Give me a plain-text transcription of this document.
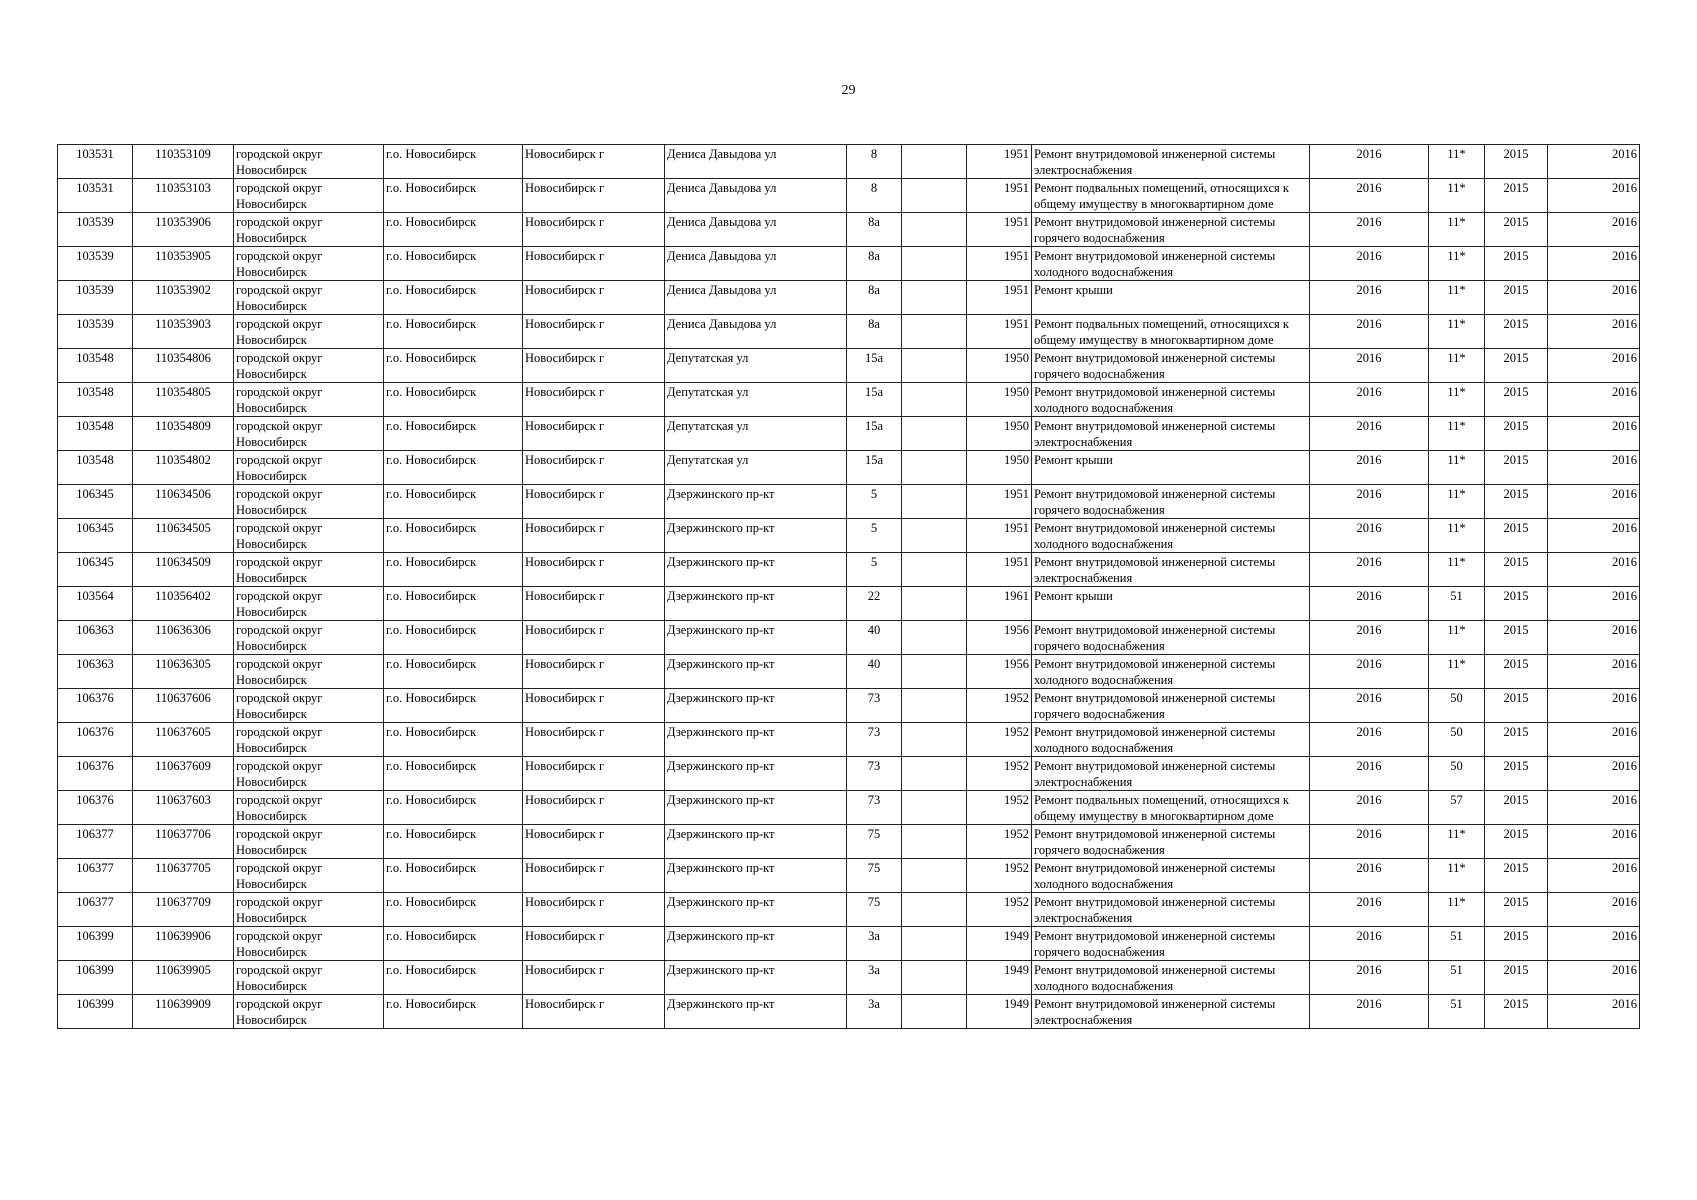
29
103531	110353109	городской округ Новосибирск	г.о. Новосибирск	Новосибирск г	Дениса Давыдова ул	8		1951	Ремонт внутридомовой инженерной системы электроснабжения	2016	11*	2015	2016
103531	110353103	городской округ Новосибирск	г.о. Новосибирск	Новосибирск г	Дениса Давыдова ул	8		1951	Ремонт подвальных помещений, относящихся к общему имуществу в многоквартирном доме	2016	11*	2015	2016
103539	110353906	городской округ Новосибирск	г.о. Новосибирск	Новосибирск г	Дениса Давыдова ул	8а		1951	Ремонт внутридомовой инженерной системы горячего водоснабжения	2016	11*	2015	2016
103539	110353905	городской округ Новосибирск	г.о. Новосибирск	Новосибирск г	Дениса Давыдова ул	8а		1951	Ремонт внутридомовой инженерной системы холодного водоснабжения	2016	11*	2015	2016
103539	110353902	городской округ Новосибирск	г.о. Новосибирск	Новосибирск г	Дениса Давыдова ул	8а		1951	Ремонт крыши	2016	11*	2015	2016
103539	110353903	городской округ Новосибирск	г.о. Новосибирск	Новосибирск г	Дениса Давыдова ул	8а		1951	Ремонт подвальных помещений, относящихся к общему имуществу в многоквартирном доме	2016	11*	2015	2016
103548	110354806	городской округ Новосибирск	г.о. Новосибирск	Новосибирск г	Депутатская ул	15а		1950	Ремонт внутридомовой инженерной системы горячего водоснабжения	2016	11*	2015	2016
103548	110354805	городской округ Новосибирск	г.о. Новосибирск	Новосибирск г	Депутатская ул	15а		1950	Ремонт внутридомовой инженерной системы холодного водоснабжения	2016	11*	2015	2016
103548	110354809	городской округ Новосибирск	г.о. Новосибирск	Новосибирск г	Депутатская ул	15а		1950	Ремонт внутридомовой инженерной системы электроснабжения	2016	11*	2015	2016
103548	110354802	городской округ Новосибирск	г.о. Новосибирск	Новосибирск г	Депутатская ул	15а		1950	Ремонт крыши	2016	11*	2015	2016
106345	110634506	городской округ Новосибирск	г.о. Новосибирск	Новосибирск г	Дзержинского пр-кт	5		1951	Ремонт внутридомовой инженерной системы горячего водоснабжения	2016	11*	2015	2016
106345	110634505	городской округ Новосибирск	г.о. Новосибирск	Новосибирск г	Дзержинского пр-кт	5		1951	Ремонт внутридомовой инженерной системы холодного водоснабжения	2016	11*	2015	2016
106345	110634509	городской округ Новосибирск	г.о. Новосибирск	Новосибирск г	Дзержинского пр-кт	5		1951	Ремонт внутридомовой инженерной системы электроснабжения	2016	11*	2015	2016
103564	110356402	городской округ Новосибирск	г.о. Новосибирск	Новосибирск г	Дзержинского пр-кт	22		1961	Ремонт крыши	2016	51	2015	2016
106363	110636306	городской округ Новосибирск	г.о. Новосибирск	Новосибирск г	Дзержинского пр-кт	40		1956	Ремонт внутридомовой инженерной системы горячего водоснабжения	2016	11*	2015	2016
106363	110636305	городской округ Новосибирск	г.о. Новосибирск	Новосибирск г	Дзержинского пр-кт	40		1956	Ремонт внутридомовой инженерной системы холодного водоснабжения	2016	11*	2015	2016
106376	110637606	городской округ Новосибирск	г.о. Новосибирск	Новосибирск г	Дзержинского пр-кт	73		1952	Ремонт внутридомовой инженерной системы горячего водоснабжения	2016	50	2015	2016
106376	110637605	городской округ Новосибирск	г.о. Новосибирск	Новосибирск г	Дзержинского пр-кт	73		1952	Ремонт внутридомовой инженерной системы холодного водоснабжения	2016	50	2015	2016
106376	110637609	городской округ Новосибирск	г.о. Новосибирск	Новосибирск г	Дзержинского пр-кт	73		1952	Ремонт внутридомовой инженерной системы электроснабжения	2016	50	2015	2016
106376	110637603	городской округ Новосибирск	г.о. Новосибирск	Новосибирск г	Дзержинского пр-кт	73		1952	Ремонт подвальных помещений, относящихся к общему имуществу в многоквартирном доме	2016	57	2015	2016
106377	110637706	городской округ Новосибирск	г.о. Новосибирск	Новосибирск г	Дзержинского пр-кт	75		1952	Ремонт внутридомовой инженерной системы горячего водоснабжения	2016	11*	2015	2016
106377	110637705	городской округ Новосибирск	г.о. Новосибирск	Новосибирск г	Дзержинского пр-кт	75		1952	Ремонт внутридомовой инженерной системы холодного водоснабжения	2016	11*	2015	2016
106377	110637709	городской округ Новосибирск	г.о. Новосибирск	Новосибирск г	Дзержинского пр-кт	75		1952	Ремонт внутридомовой инженерной системы электроснабжения	2016	11*	2015	2016
106399	110639906	городской округ Новосибирск	г.о. Новосибирск	Новосибирск г	Дзержинского пр-кт	3а		1949	Ремонт внутридомовой инженерной системы горячего водоснабжения	2016	51	2015	2016
106399	110639905	городской округ Новосибирск	г.о. Новосибирск	Новосибирск г	Дзержинского пр-кт	3а		1949	Ремонт внутридомовой инженерной системы холодного водоснабжения	2016	51	2015	2016
106399	110639909	городской округ Новосибирск	г.о. Новосибирск	Новосибирск г	Дзержинского пр-кт	3а		1949	Ремонт внутридомовой инженерной системы электроснабжения	2016	51	2015	2016
